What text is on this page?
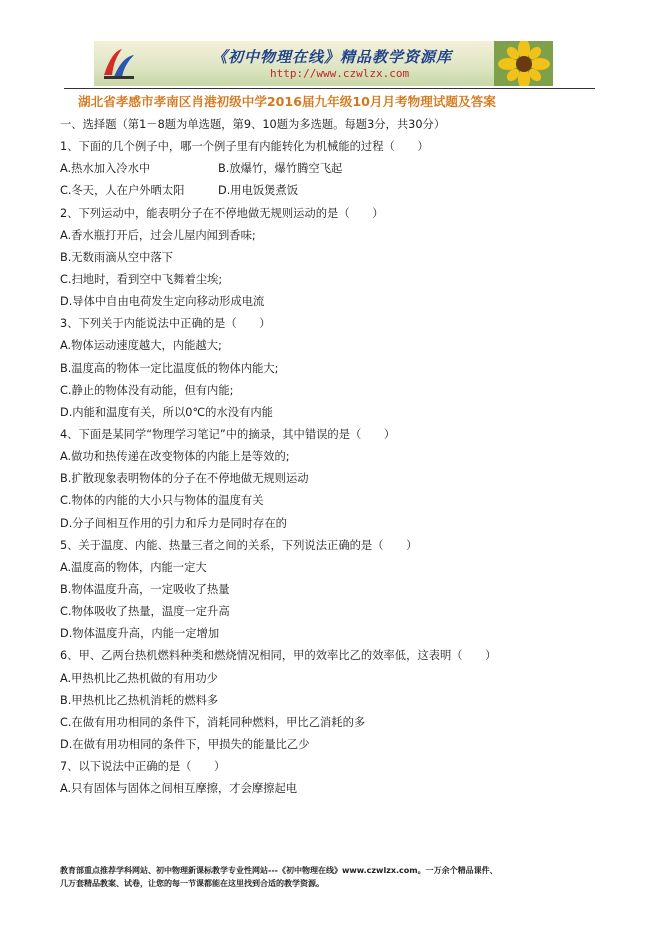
《初中物理在线》精品教学资源库
http://www.czwlzx.com
湖北省孝感市孝南区肖港初级中学2016届九年级10月月考物理试题及答案
一、选择题（第1－8题为单选题，第9、10题为多选题。每题3分，共30分）
1、下面的几个例子中，哪一个例子里有内能转化为机械能的过程（　　）
A.热水加入冷水中	B.放爆竹，爆竹腾空飞起
C.冬天，人在户外晒太阳	D.用电饭煲煮饭
2、下列运动中，能表明分子在不停地做无规则运动的是（　　）
A.香水瓶打开后，过会儿屋内闻到香味;
B.无数雨滴从空中落下
C.扫地时，看到空中飞舞着尘埃;
D.导体中自由电荷发生定向移动形成电流
3、下列关于内能说法中正确的是（　　）
A.物体运动速度越大，内能越大;
B.温度高的物体一定比温度低的物体内能大;
C.静止的物体没有动能，但有内能;
D.内能和温度有关，所以0℃的水没有内能
4、下面是某同学“物理学习笔记”中的摘录，其中错误的是（　　）
A.做功和热传递在改变物体的内能上是等效的;
B.扩散现象表明物体的分子在不停地做无规则运动
C.物体的内能的大小只与物体的温度有关
D.分子间相互作用的引力和斥力是同时存在的
5、关于温度、内能、热量三者之间的关系，下列说法正确的是（　　）
A.温度高的物体，内能一定大
B.物体温度升高，一定吸收了热量
C.物体吸收了热量，温度一定升高
D.物体温度升高，内能一定增加
6、甲、乙两台热机燃料种类和燃烧情况相同，甲的效率比乙的效率低，这表明（　　）
A.甲热机比乙热机做的有用功少
B.甲热机比乙热机消耗的燃料多
C.在做有用功相同的条件下，消耗同种燃料，甲比乙消耗的多
D.在做有用功相同的条件下，甲损失的能量比乙少
7、以下说法中正确的是（　　）
A.只有固体与固体之间相互摩擦，才会摩擦起电
教育部重点推荐学科网站、初中物理新课标教学专业性网站---《初中物理在线》www.czwlzx.com。一万余个精品课件、
几万套精品教案、试卷，让您的每一节课都能在这里找到合适的教学资源。
